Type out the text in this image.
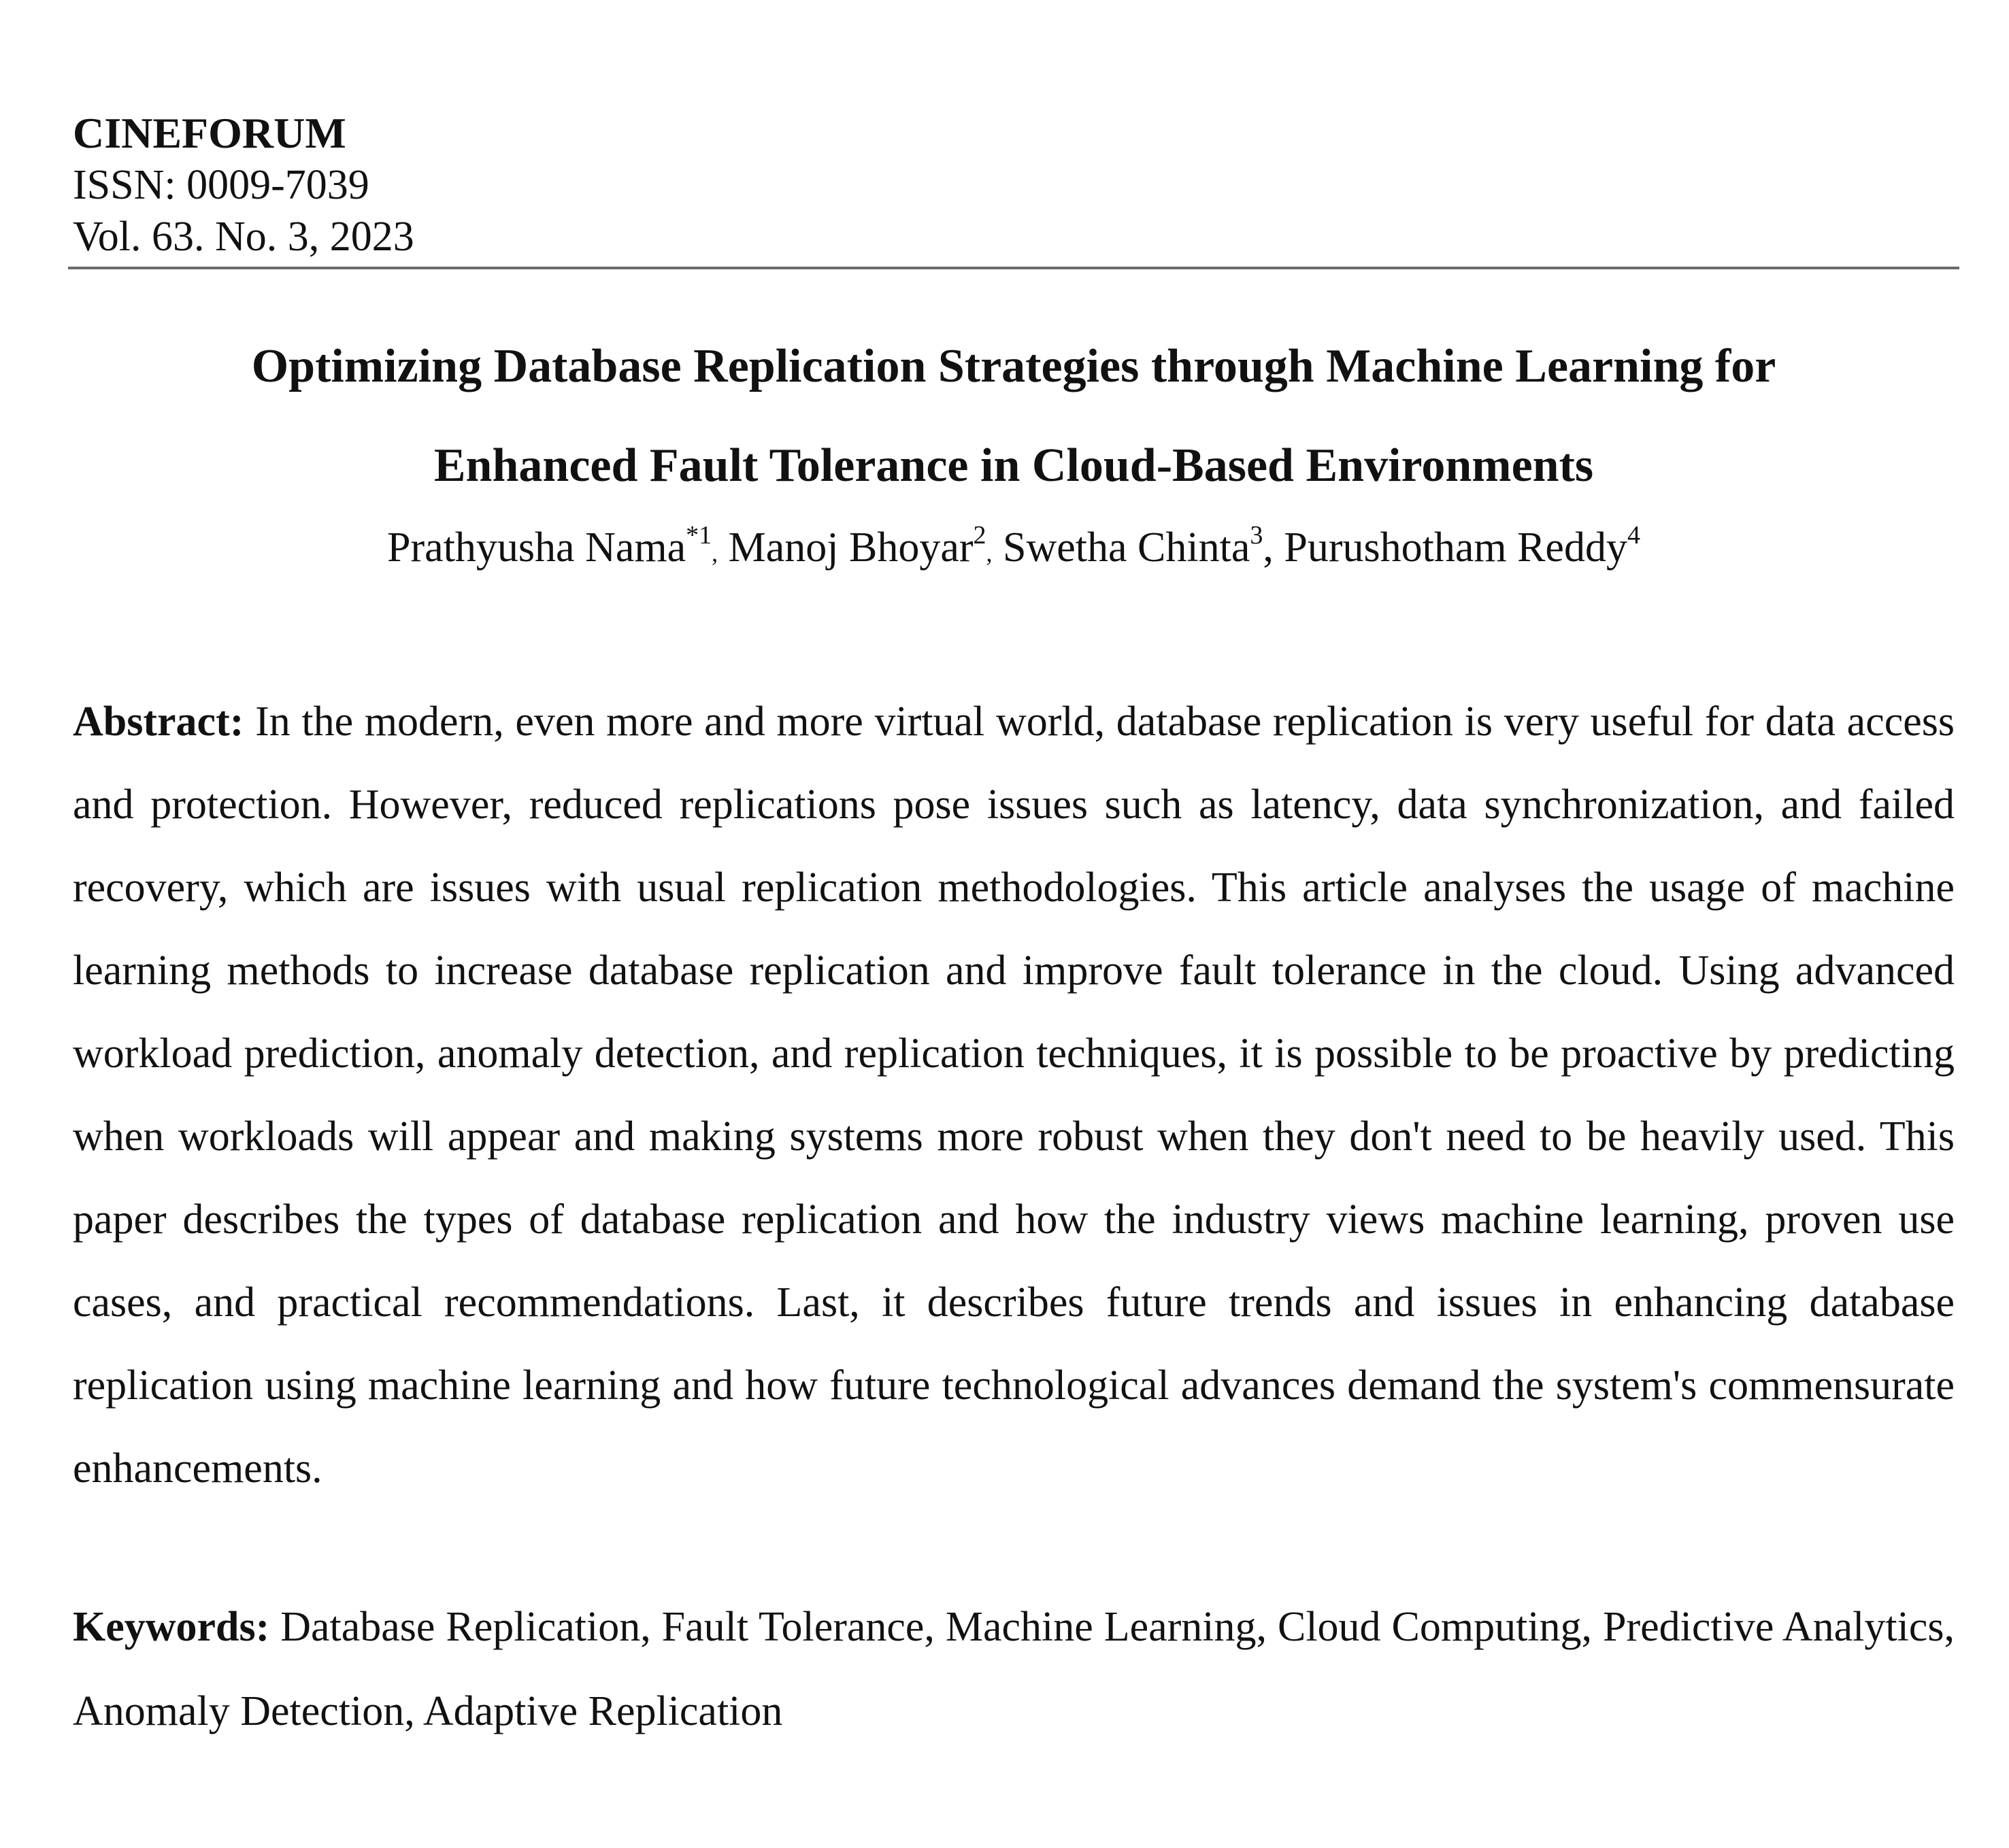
CINEFORUM

ISSN: 0009-7039

Vol. 63. No. 3, 2023

Optimizing Database Replication Strategies through Machine Learning for
Enhanced Fault Tolerance in Cloud-Based Environments

Prathyusha Nama$^{*1}$, Manoj Bhoyar$^2$, Swetha Chinta$^3$, Purushotham Reddy$^4$

Abstract: In the modern, even more and more virtual world, database replication is very useful for data access and protection. However, reduced replications pose issues such as latency, data synchronization, and failed recovery, which are issues with usual replication methodologies. This article analyses the usage of machine learning methods to increase database replication and improve fault tolerance in the cloud. Using advanced workload prediction, anomaly detection, and replication techniques, it is possible to be proactive by predicting when workloads will appear and making systems more robust when they don't need to be heavily used. This paper describes the types of database replication and how the industry views machine learning, proven use cases, and practical recommendations. Last, it describes future trends and issues in enhancing database replication using machine learning and how future technological advances demand the system's commensurate enhancements.

Keywords: Database Replication, Fault Tolerance, Machine Learning, Cloud Computing, Predictive Analytics, Anomaly Detection, Adaptive Replication
